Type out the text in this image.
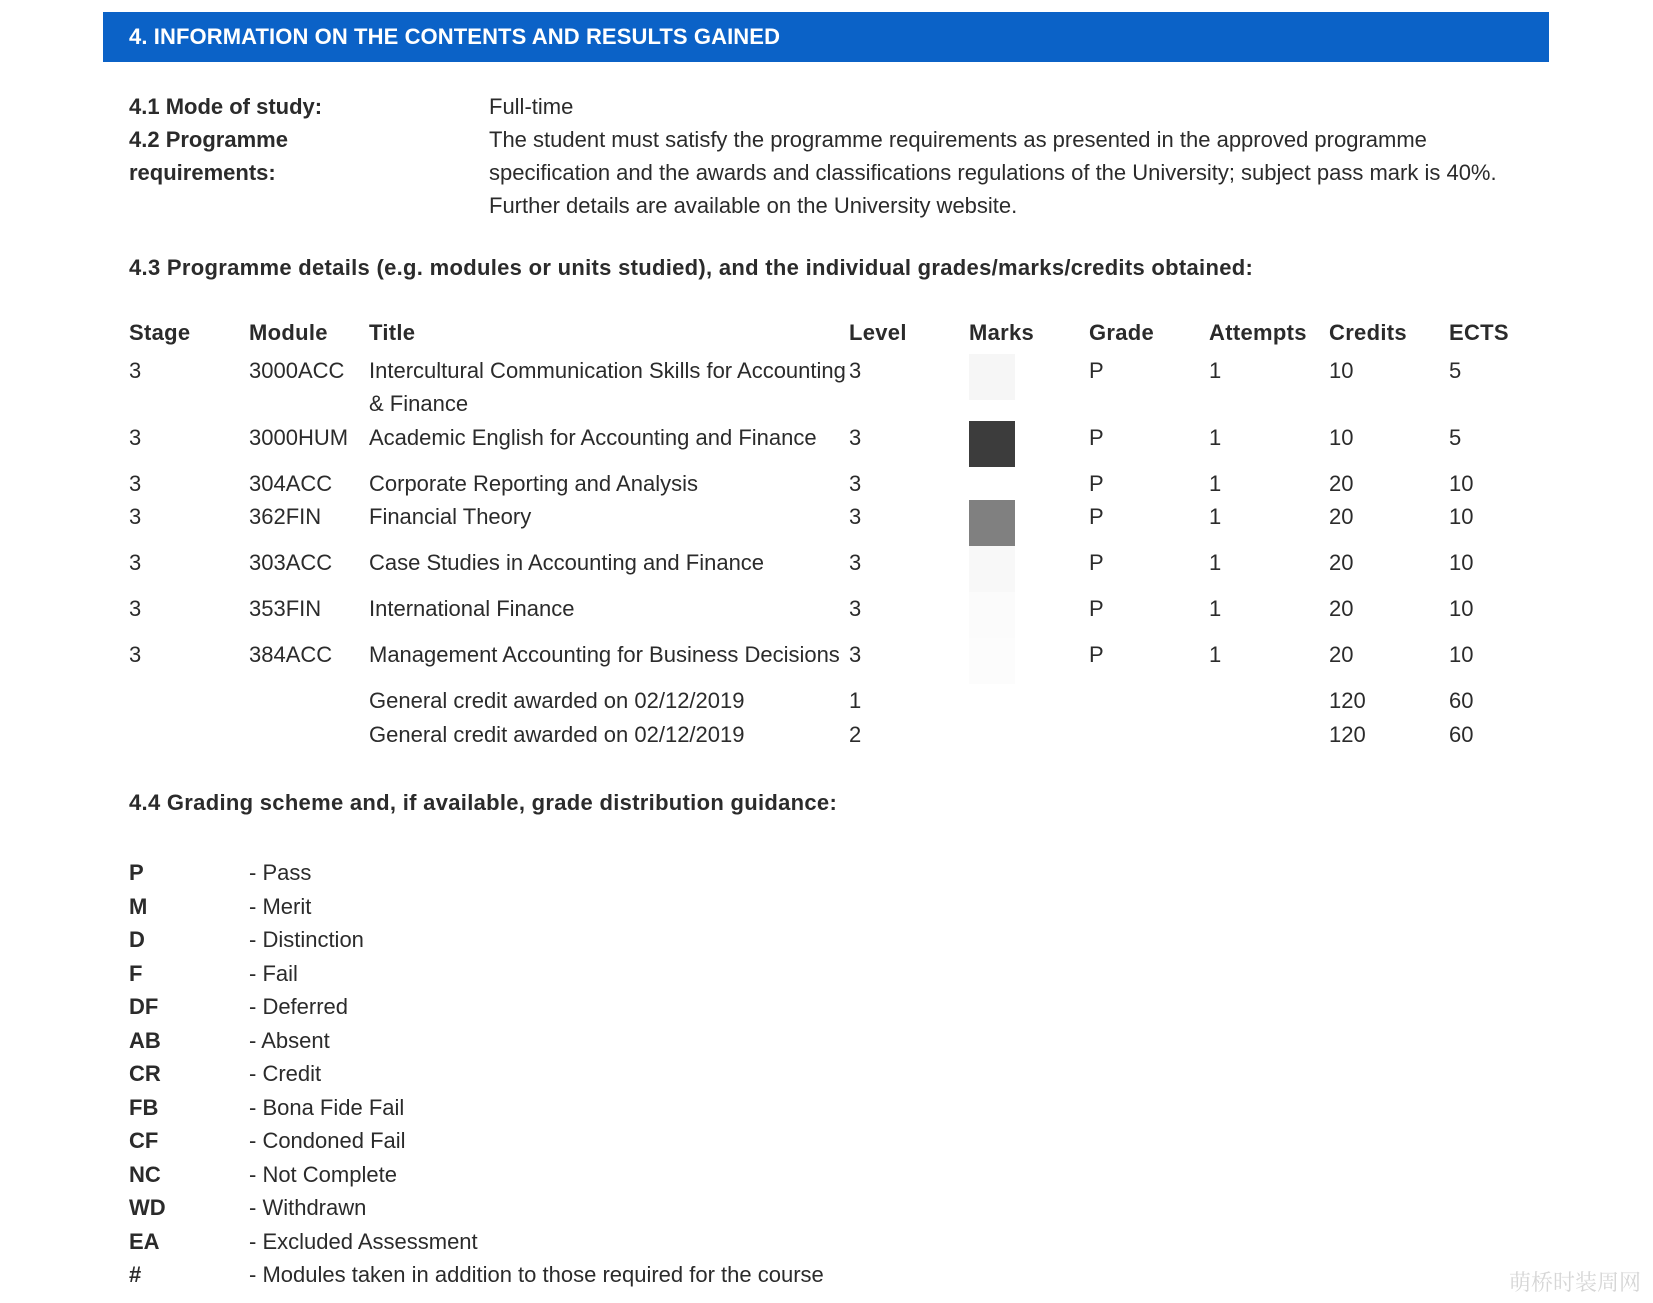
4. INFORMATION ON THE CONTENTS AND RESULTS GAINED
4.1 Mode of study:	Full-time
4.2 Programme
requirements:
The student must satisfy the programme requirements as presented in the approved programme specification and the awards and classifications regulations of the University; subject pass mark is 40%. Further details are available on the University website.
4.3 Programme details (e.g. modules or units studied), and the individual grades/marks/credits obtained:
Stage	Module	Title	Level	Marks	Grade	Attempts	Credits	ECTS
3	3000ACC	Intercultural Communication Skills for Accounting & Finance	3		P	1	10	5
3	3000HUM	Academic English for Accounting and Finance	3		P	1	10	5
3	304ACC	Corporate Reporting and Analysis	3		P	1	20	10
3	362FIN	Financial Theory	3		P	1	20	10
3	303ACC	Case Studies in Accounting and Finance	3		P	1	20	10
3	353FIN	International Finance	3		P	1	20	10
3	384ACC	Management Accounting for Business Decisions	3		P	1	20	10
		General credit awarded on 02/12/2019	1				120	60
		General credit awarded on 02/12/2019	2				120	60
4.4 Grading scheme and, if available, grade distribution guidance:
P	- Pass
M	- Merit
D	- Distinction
F	- Fail
DF	- Deferred
AB	- Absent
CR	- Credit
FB	- Bona Fide Fail
CF	- Condoned Fail
NC	- Not Complete
WD	- Withdrawn
EA	- Excluded Assessment
#	- Modules taken in addition to those required for the course	萌桥时装周网
